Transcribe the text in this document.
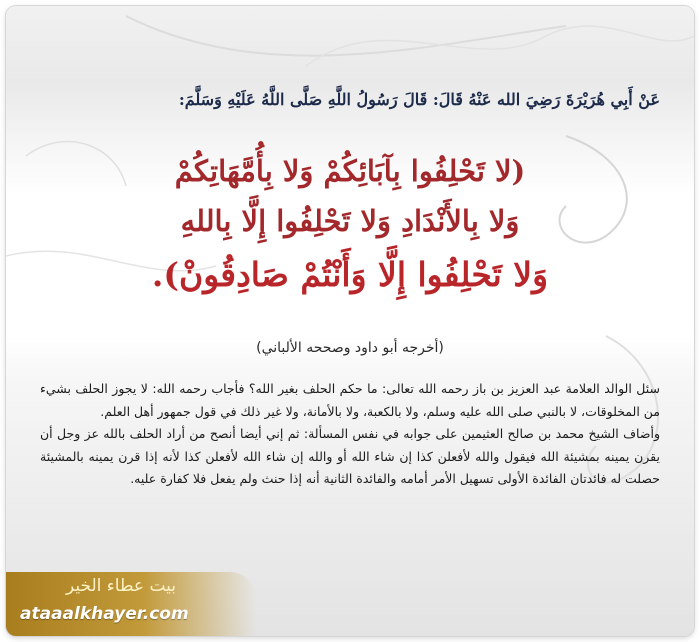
عَنْ أَبِي هُرَيْرَةَ رَضِيَ الله عَنْهُ قَالَ: قَالَ رَسُولُ اللَّهِ صَلَّى اللَّهُ عَلَيْهِ وَسَلَّمَ:
(لا تَحْلِفُوا بِآبَائِكُمْ وَلا بِأُمَّهَاتِكُمْ
وَلا بِالأَنْدَادِ وَلا تَحْلِفُوا إِلَّا بِاللهِ
وَلا تَحْلِفُوا إِلَّا وَأَنْتُمْ صَادِقُونْ).
(أخرجه أبو داود وصححه الألباني)

سئل الوالد العلامة عبد العزيز بن باز رحمه الله تعالى: ما حكم الحلف بغير الله؟ فأجاب رحمه الله: لا يجوز الحلف بشيء من المخلوقات، لا بالنبي صلى الله عليه وسلم، ولا بالكعبة، ولا بالأمانة، ولا غير ذلك في قول جمهور أهل العلم.

وأضاف الشيخ محمد بن صالح العثيمين على جوابه في نفس المسألة: ثم إني أيضا أنصح من أراد الحلف بالله عز وجل أن يقرن يمينه بمشيئة الله فيقول والله لأفعلن كذا إن شاء الله أو والله إن شاء الله لأفعلن كذا لأنه إذا قرن يمينه بالمشيئة حصلت له فائدتان الفائدة الأولى تسهيل الأمر أمامه والفائدة الثانية أنه إذا حنث ولم يفعل فلا كفارة عليه.

بيت عطاء الخير
ataaalkhayer.com
